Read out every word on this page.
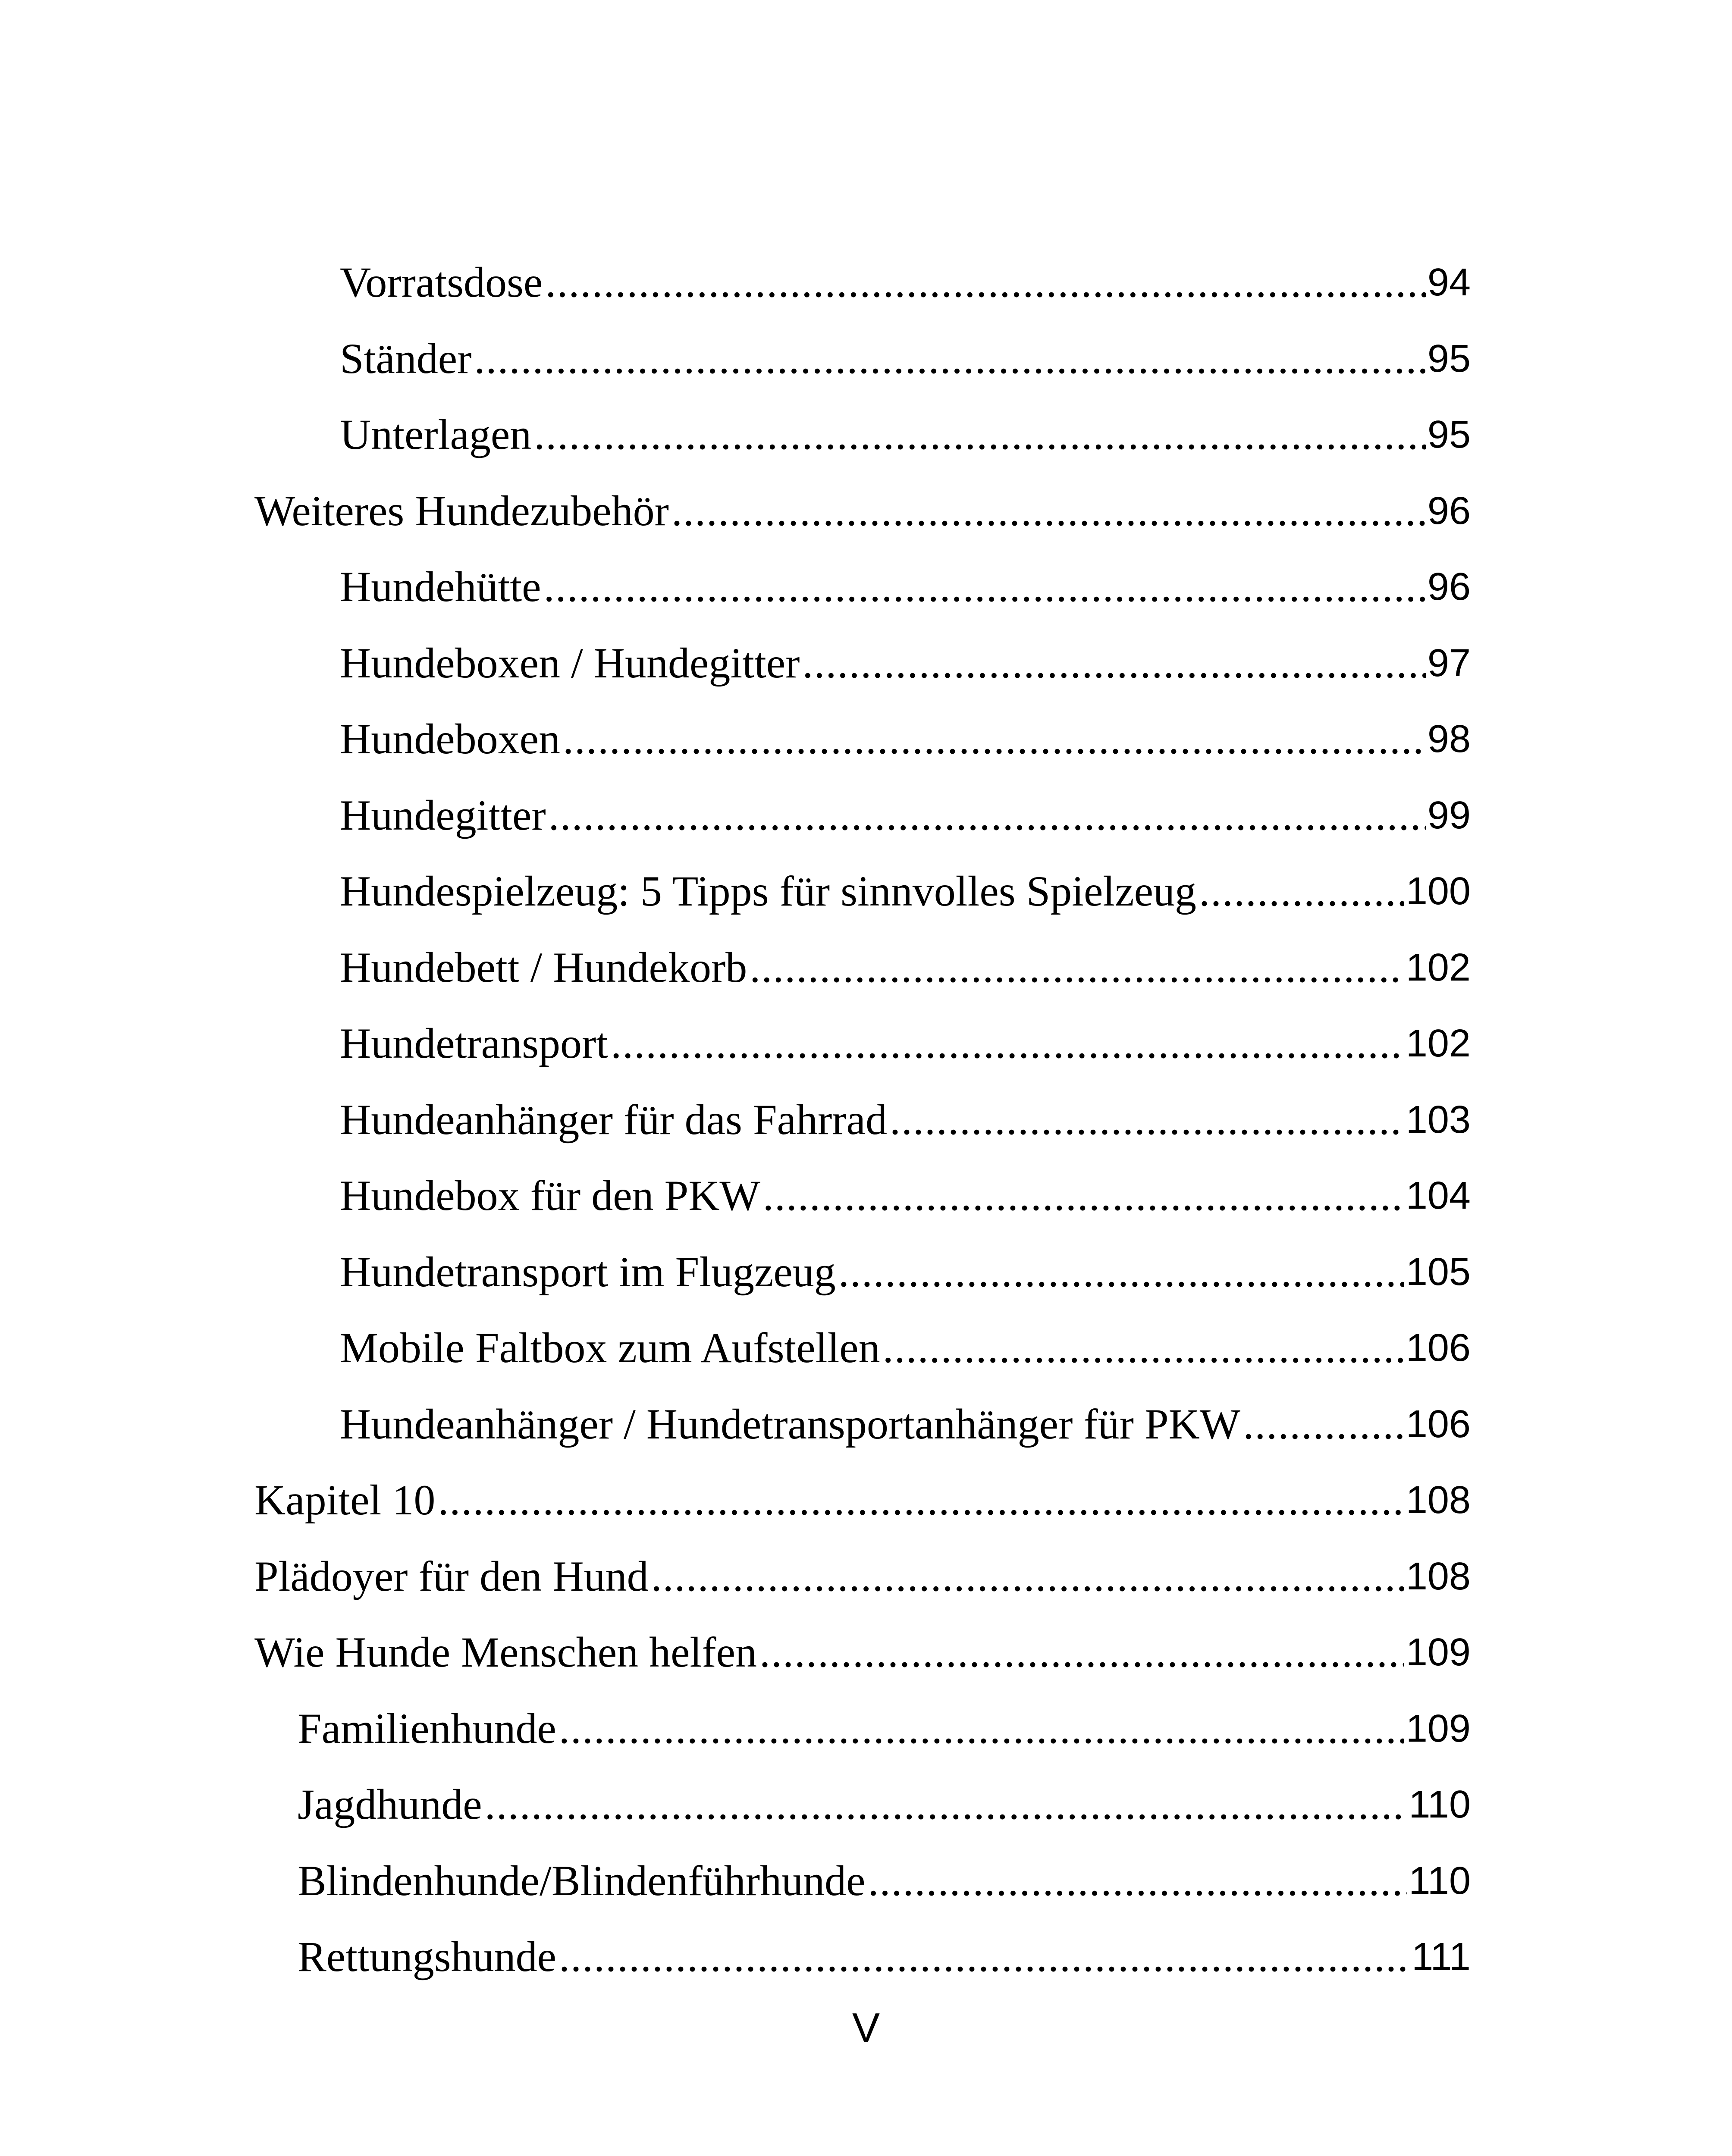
Vorratsdose .....	94
Ständer .....	95
Unterlagen .....	95
Weiteres Hundezubehör .....	96
Hundehütte .....	96
Hundeboxen / Hundegitter .....	97
Hundeboxen .....	98
Hundegitter .....	99
Hundespielzeug: 5 Tipps für sinnvolles Spielzeug .....	100
Hundebett / Hundekorb .....	102
Hundetransport .....	102
Hundeanhänger für das Fahrrad .....	103
Hundebox für den PKW .....	104
Hundetransport im Flugzeug .....	105
Mobile Faltbox zum Aufstellen .....	106
Hundeanhänger / Hundetransportanhänger für PKW .....	106
Kapitel 10 .....	108
Plädoyer für den Hund .....	108
Wie Hunde Menschen helfen .....	109
Familienhunde .....	109
Jagdhunde .....	110
Blindenhunde/Blindenführhunde .....	110
Rettungshunde .....	111
V
